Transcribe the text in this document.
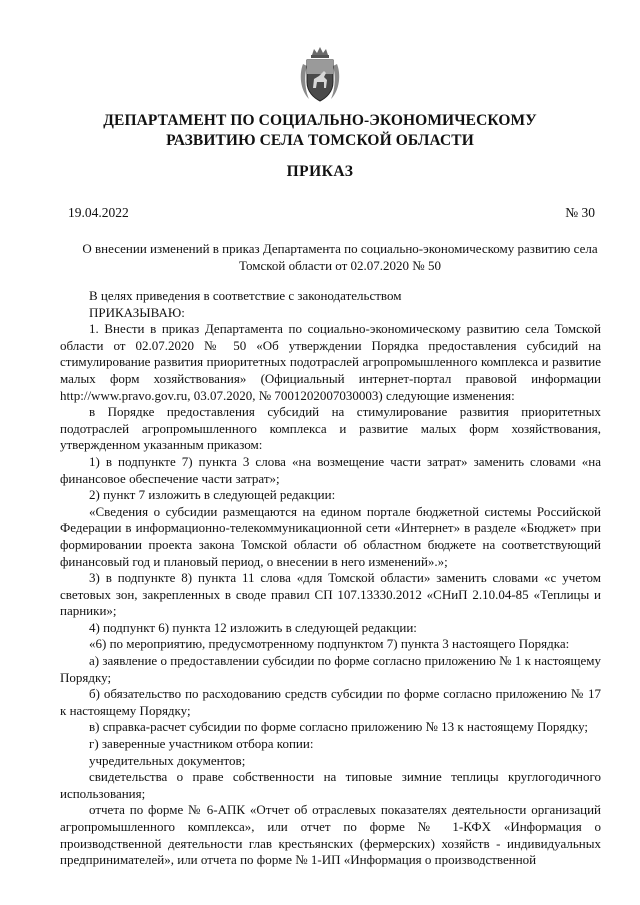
ДЕПАРТАМЕНТ ПО СОЦИАЛЬНО-ЭКОНОМИЧЕСКОМУ
РАЗВИТИЮ СЕЛА ТОМСКОЙ ОБЛАСТИ
ПРИКАЗ
19.04.2022	№ 30
О внесении изменений в приказ Департамента по социально-экономическому развитию села Томской области от 02.07.2020 № 50

В целях приведения в соответствие с законодательством

ПРИКАЗЫВАЮ:

1. Внести в приказ Департамента по социально-экономическому развитию села Томской области от 02.07.2020 № 50 «Об утверждении Порядка предоставления субсидий на стимулирование развития приоритетных подотраслей агропромышленного комплекса и развитие малых форм хозяйствования» (Официальный интернет-портал правовой информации http://www.pravo.gov.ru, 03.07.2020, № 7001202007030003) следующие изменения:

в Порядке предоставления субсидий на стимулирование развития приоритетных подотраслей агропромышленного комплекса и развитие малых форм хозяйствования, утвержденном указанным приказом:

1) в подпункте 7) пункта 3 слова «на возмещение части затрат» заменить словами «на финансовое обеспечение части затрат»;

2) пункт 7 изложить в следующей редакции:

«Сведения о субсидии размещаются на едином портале бюджетной системы Российской Федерации в информационно-телекоммуникационной сети «Интернет» в разделе «Бюджет» при формировании проекта закона Томской области об областном бюджете на соответствующий финансовый год и плановый период, о внесении в него изменений».»;

3) в подпункте 8) пункта 11 слова «для Томской области» заменить словами «с учетом световых зон, закрепленных в своде правил СП 107.13330.2012 «СНиП 2.10.04-85 «Теплицы и парники»;

4) подпункт 6) пункта 12 изложить в следующей редакции:

«6) по мероприятию, предусмотренному подпунктом 7) пункта 3 настоящего Порядка:

а) заявление о предоставлении субсидии по форме согласно приложению № 1 к настоящему Порядку;

б) обязательство по расходованию средств субсидии по форме согласно приложению № 17 к настоящему Порядку;

в) справка-расчет субсидии по форме согласно приложению № 13 к настоящему Порядку;

г) заверенные участником отбора копии:

учредительных документов;

свидетельства о праве собственности на типовые зимние теплицы круглогодичного использования;

отчета по форме № 6-АПК «Отчет об отраслевых показателях деятельности организаций агропромышленного комплекса», или отчет по форме № 1-КФХ «Информация о производственной деятельности глав крестьянских (фермерских) хозяйств - индивидуальных предпринимателей», или отчета по форме № 1-ИП «Информация о производственной
